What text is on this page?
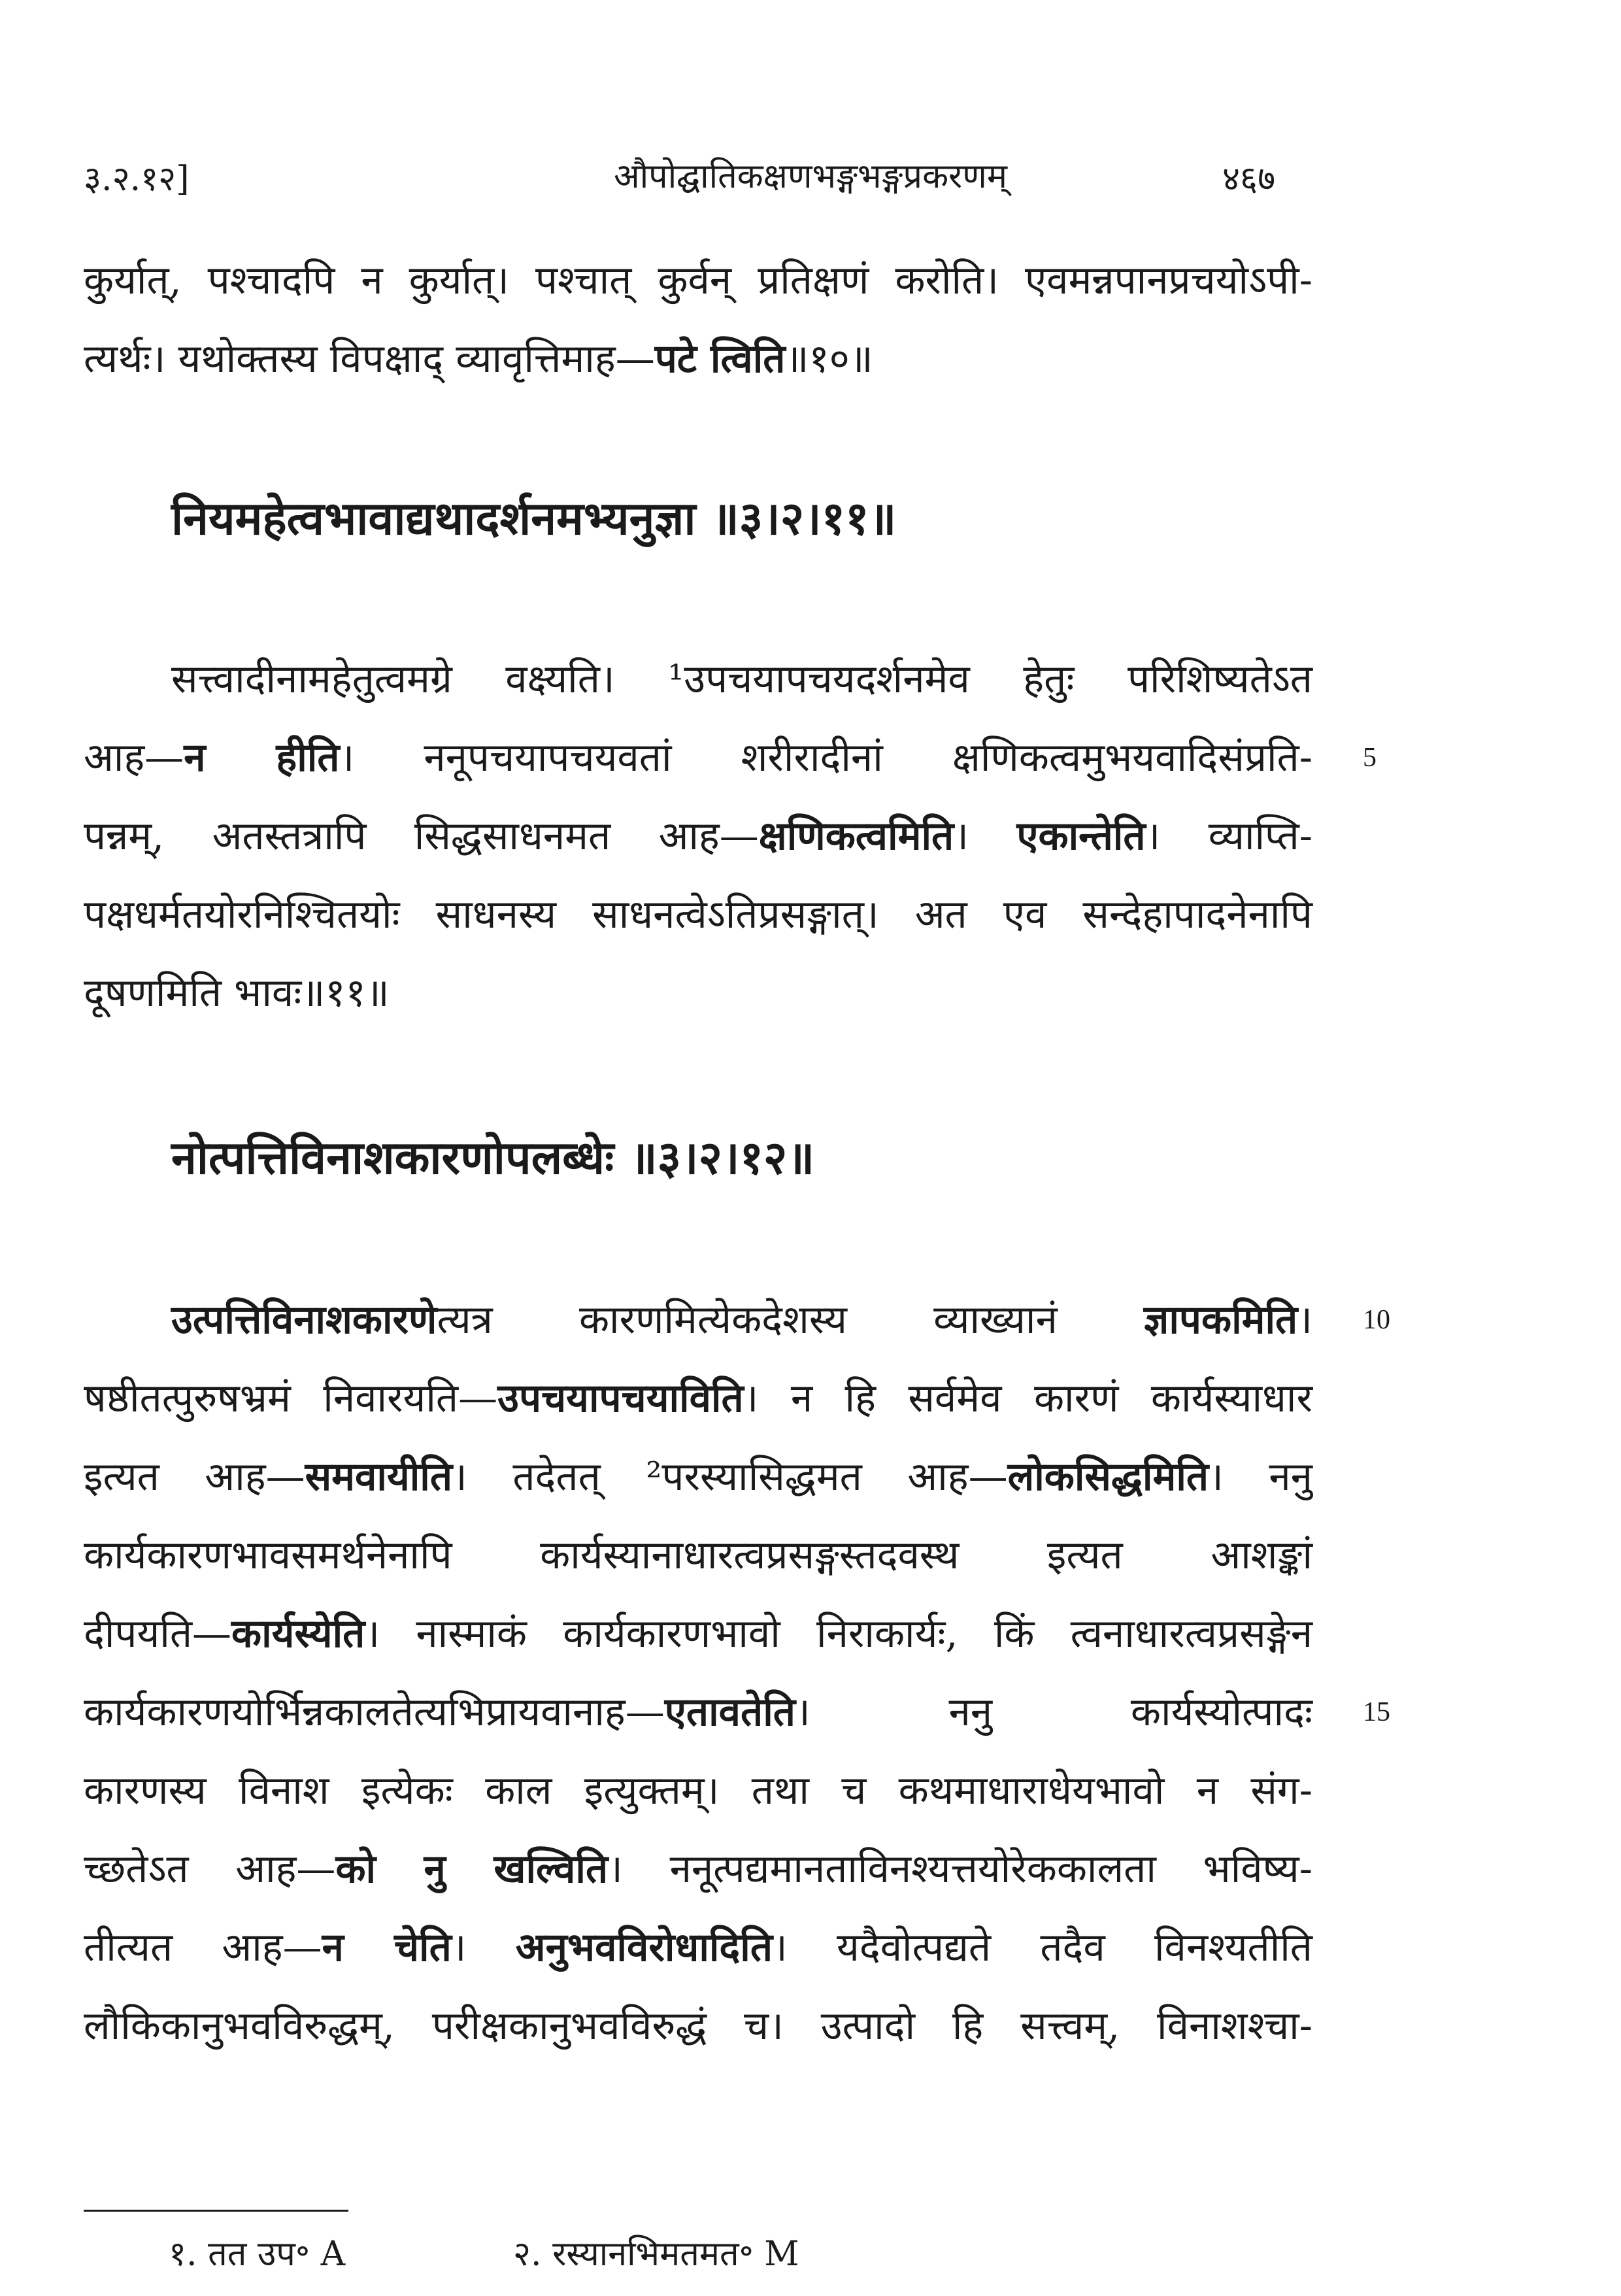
३.२.१२]	औपोद्घातिकक्षणभङ्गभङ्गप्रकरणम्	४६७
कुर्यात्, पश्चादपि न कुर्यात्। पश्चात् कुर्वन् प्रतिक्षणं करोति। एवमन्नपानप्रचयोऽपी-
त्यर्थः। यथोक्तस्य विपक्षाद् व्यावृत्तिमाह—पटे त्विति॥१०॥
नियमहेत्वभावाद्यथादर्शनमभ्यनुज्ञा ॥३।२।११॥
सत्त्वादीनामहेतुत्वमग्रे वक्ष्यति। ¹उपचयापचयदर्शनमेव हेतुः परिशिष्यतेऽत
आह—न हीति। ननूपचयापचयवतां शरीरादीनां क्षणिकत्वमुभयवादिसंप्रति-
पन्नम्, अतस्तत्रापि सिद्धसाधनमत आह—क्षणिकत्वमिति। एकान्तेति। व्याप्ति-
पक्षधर्मतयोरनिश्चितयोः साधनस्य साधनत्वेऽतिप्रसङ्गात्। अत एव सन्देहापादनेनापि
दूषणमिति भावः॥११॥
नोत्पत्तिविनाशकारणोपलब्धेः ॥३।२।१२॥
उत्पत्तिविनाशकारणेत्यत्र कारणमित्येकदेशस्य व्याख्यानं ज्ञापकमिति।
षष्ठीतत्पुरुषभ्रमं निवारयति—उपचयापचयाविति। न हि सर्वमेव कारणं कार्यस्याधार
इत्यत आह—समवायीति। तदेतत् ²परस्यासिद्धमत आह—लोकसिद्धमिति। ननु
कार्यकारणभावसमर्थनेनापि कार्यस्यानाधारत्वप्रसङ्गस्तदवस्थ इत्यत आशङ्कां
दीपयति—कार्यस्येति। नास्माकं कार्यकारणभावो निराकार्यः, किं त्वनाधारत्वप्रसङ्गेन
कार्यकारणयोर्भिन्नकालतेत्यभिप्रायवानाह—एतावतेति। ननु कार्यस्योत्पादः
कारणस्य विनाश इत्येकः काल इत्युक्तम्। तथा च कथमाधाराधेयभावो न संग-
च्छतेऽत आह—को नु खल्विति। ननूत्पद्यमानताविनश्यत्तयोरेककालता भविष्य-
तीत्यत आह—न चेति। अनुभवविरोधादिति। यदैवोत्पद्यते तदैव विनश्यतीति
लौकिकानुभवविरुद्धम्, परीक्षकानुभवविरुद्धं च। उत्पादो हि सत्त्वम्, विनाशश्चा-
5
10
15
१. तत उप॰ A	२. रस्यानभिमतमत॰ M
